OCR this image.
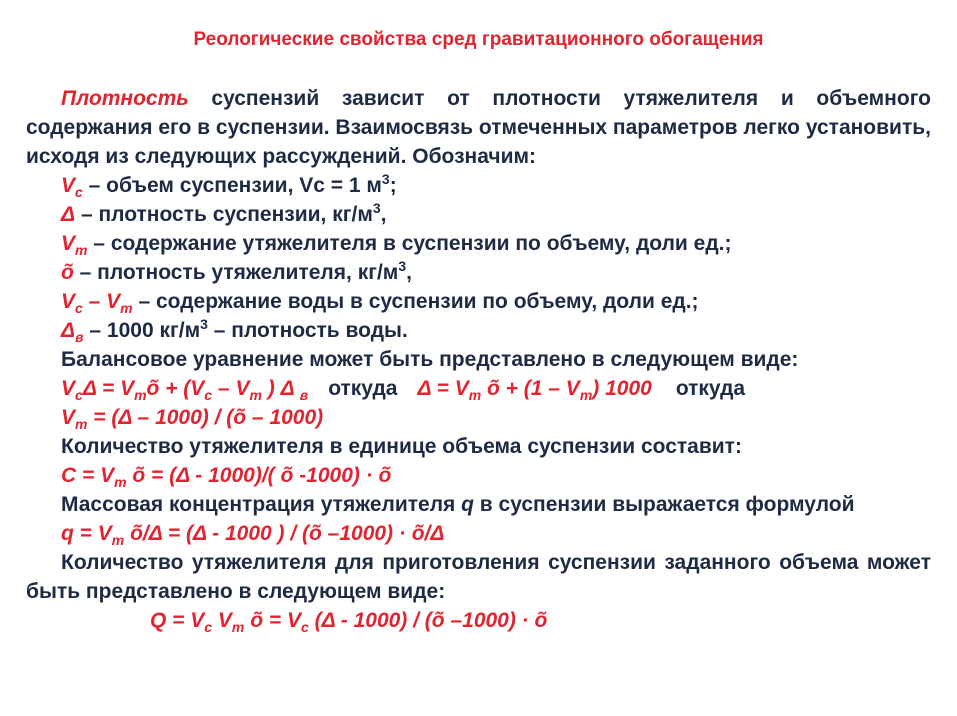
Реологические свойства сред гравитационного обогащения
Плотность суспензий зависит от плотности утяжелителя и объемного содержания его в суспензии. Взаимосвязь отмеченных параметров легко установить, исходя из следующих рассуждений. Обозначим:
$V_c$ – объем суспензии, Vc = 1 $м^3$;
Δ – плотность суспензии, $кг/м^3$,
$V_m$ – содержание утяжелителя в суспензии по объему, доли ед.;
õ – плотность утяжелителя, $кг/м^3$,
$V_c - V_m$ – содержание воды в суспензии по объему, доли ед.;
$\Delta_в - 1000$ $кг/м^3$ – плотность воды.
Балансовое уравнение может быть представлено в следующем виде:
$V_c\Delta$ = $V_mõ + (V_c - V_m$ ) Δ $_в$ откуда $\Delta = V_m$ õ + $(1 - V_m)$ 1000 откуда
$V_m = (\Delta - 1000)$ / (õ – 1000)
Количество утяжелителя в единице объема суспензии составит:
$C = V_m$ õ = (Δ - 1000)/( õ -1000) · õ
Массовая концентрация утяжелителя q в суспензии выражается формулой
$q = V_m$ õ/Δ = (Δ - 1000 ) / (õ –1000) · õ/Δ
Количество утяжелителя для приготовления суспензии заданного объема может быть представлено в следующем виде:
$Q = V_c$ $V_m$ õ = $V_c$ (Δ - 1000) / (õ –1000) · õ
